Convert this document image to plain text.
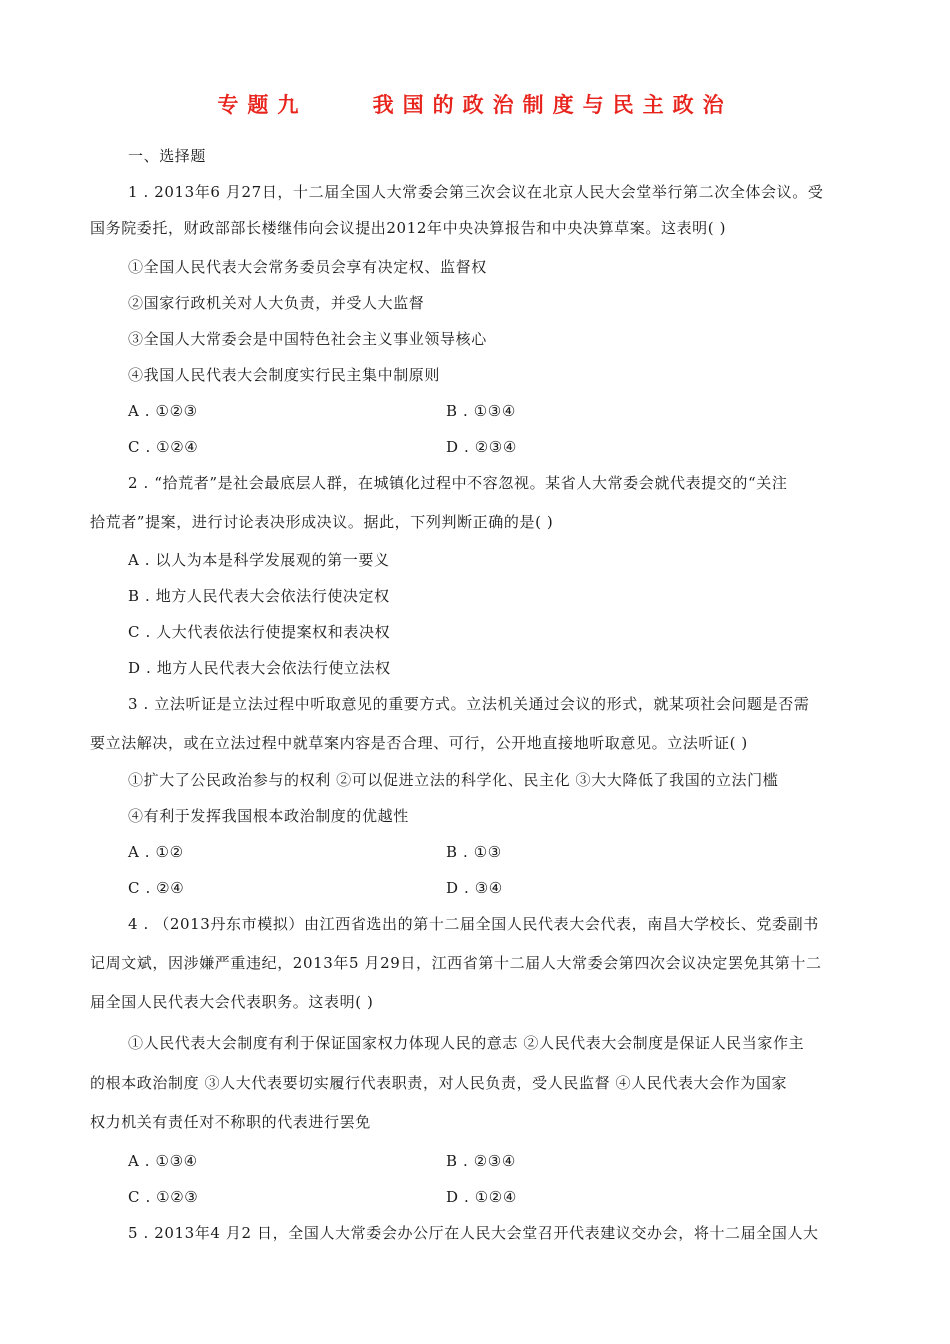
专题九    我国的政治制度与民主政治
一、选择题
1 . 2013年6 月27日，十二届全国人大常委会第三次会议在北京人民大会堂举行第二次全体会议。受
国务院委托，财政部部长楼继伟向会议提出2012年中央决算报告和中央决算草案。这表明( )
①全国人民代表大会常务委员会享有决定权、监督权
②国家行政机关对人大负责，并受人大监督
③全国人大常委会是中国特色社会主义事业领导核心
④我国人民代表大会制度实行民主集中制原则
A . ①②③	B . ①③④
C . ①②④	D . ②③④
2 . “拾荒者”是社会最底层人群，在城镇化过程中不容忽视。某省人大常委会就代表提交的“关注
拾荒者”提案，进行讨论表决形成决议。据此，下列判断正确的是( )
A . 以人为本是科学发展观的第一要义
B . 地方人民代表大会依法行使决定权
C . 人大代表依法行使提案权和表决权
D . 地方人民代表大会依法行使立法权
3 . 立法听证是立法过程中听取意见的重要方式。立法机关通过会议的形式，就某项社会问题是否需
要立法解决，或在立法过程中就草案内容是否合理、可行，公开地直接地听取意见。立法听证( )
①扩大了公民政治参与的权利 ②可以促进立法的科学化、民主化 ③大大降低了我国的立法门槛
④有利于发挥我国根本政治制度的优越性
A . ①②	B . ①③
C . ②④	D . ③④
4 . （2013丹东市模拟）由江西省选出的第十二届全国人民代表大会代表，南昌大学校长、党委副书
记周文斌，因涉嫌严重违纪，2013年5 月29日，江西省第十二届人大常委会第四次会议决定罢免其第十二
届全国人民代表大会代表职务。这表明( )
①人民代表大会制度有利于保证国家权力体现人民的意志 ②人民代表大会制度是保证人民当家作主
的根本政治制度 ③人大代表要切实履行代表职责，对人民负责，受人民监督 ④人民代表大会作为国家
权力机关有责任对不称职的代表进行罢免
A . ①③④	B . ②③④
C . ①②③	D . ①②④
5 . 2013年4 月2 日，全国人大常委会办公厅在人民大会堂召开代表建议交办会，将十二届全国人大
